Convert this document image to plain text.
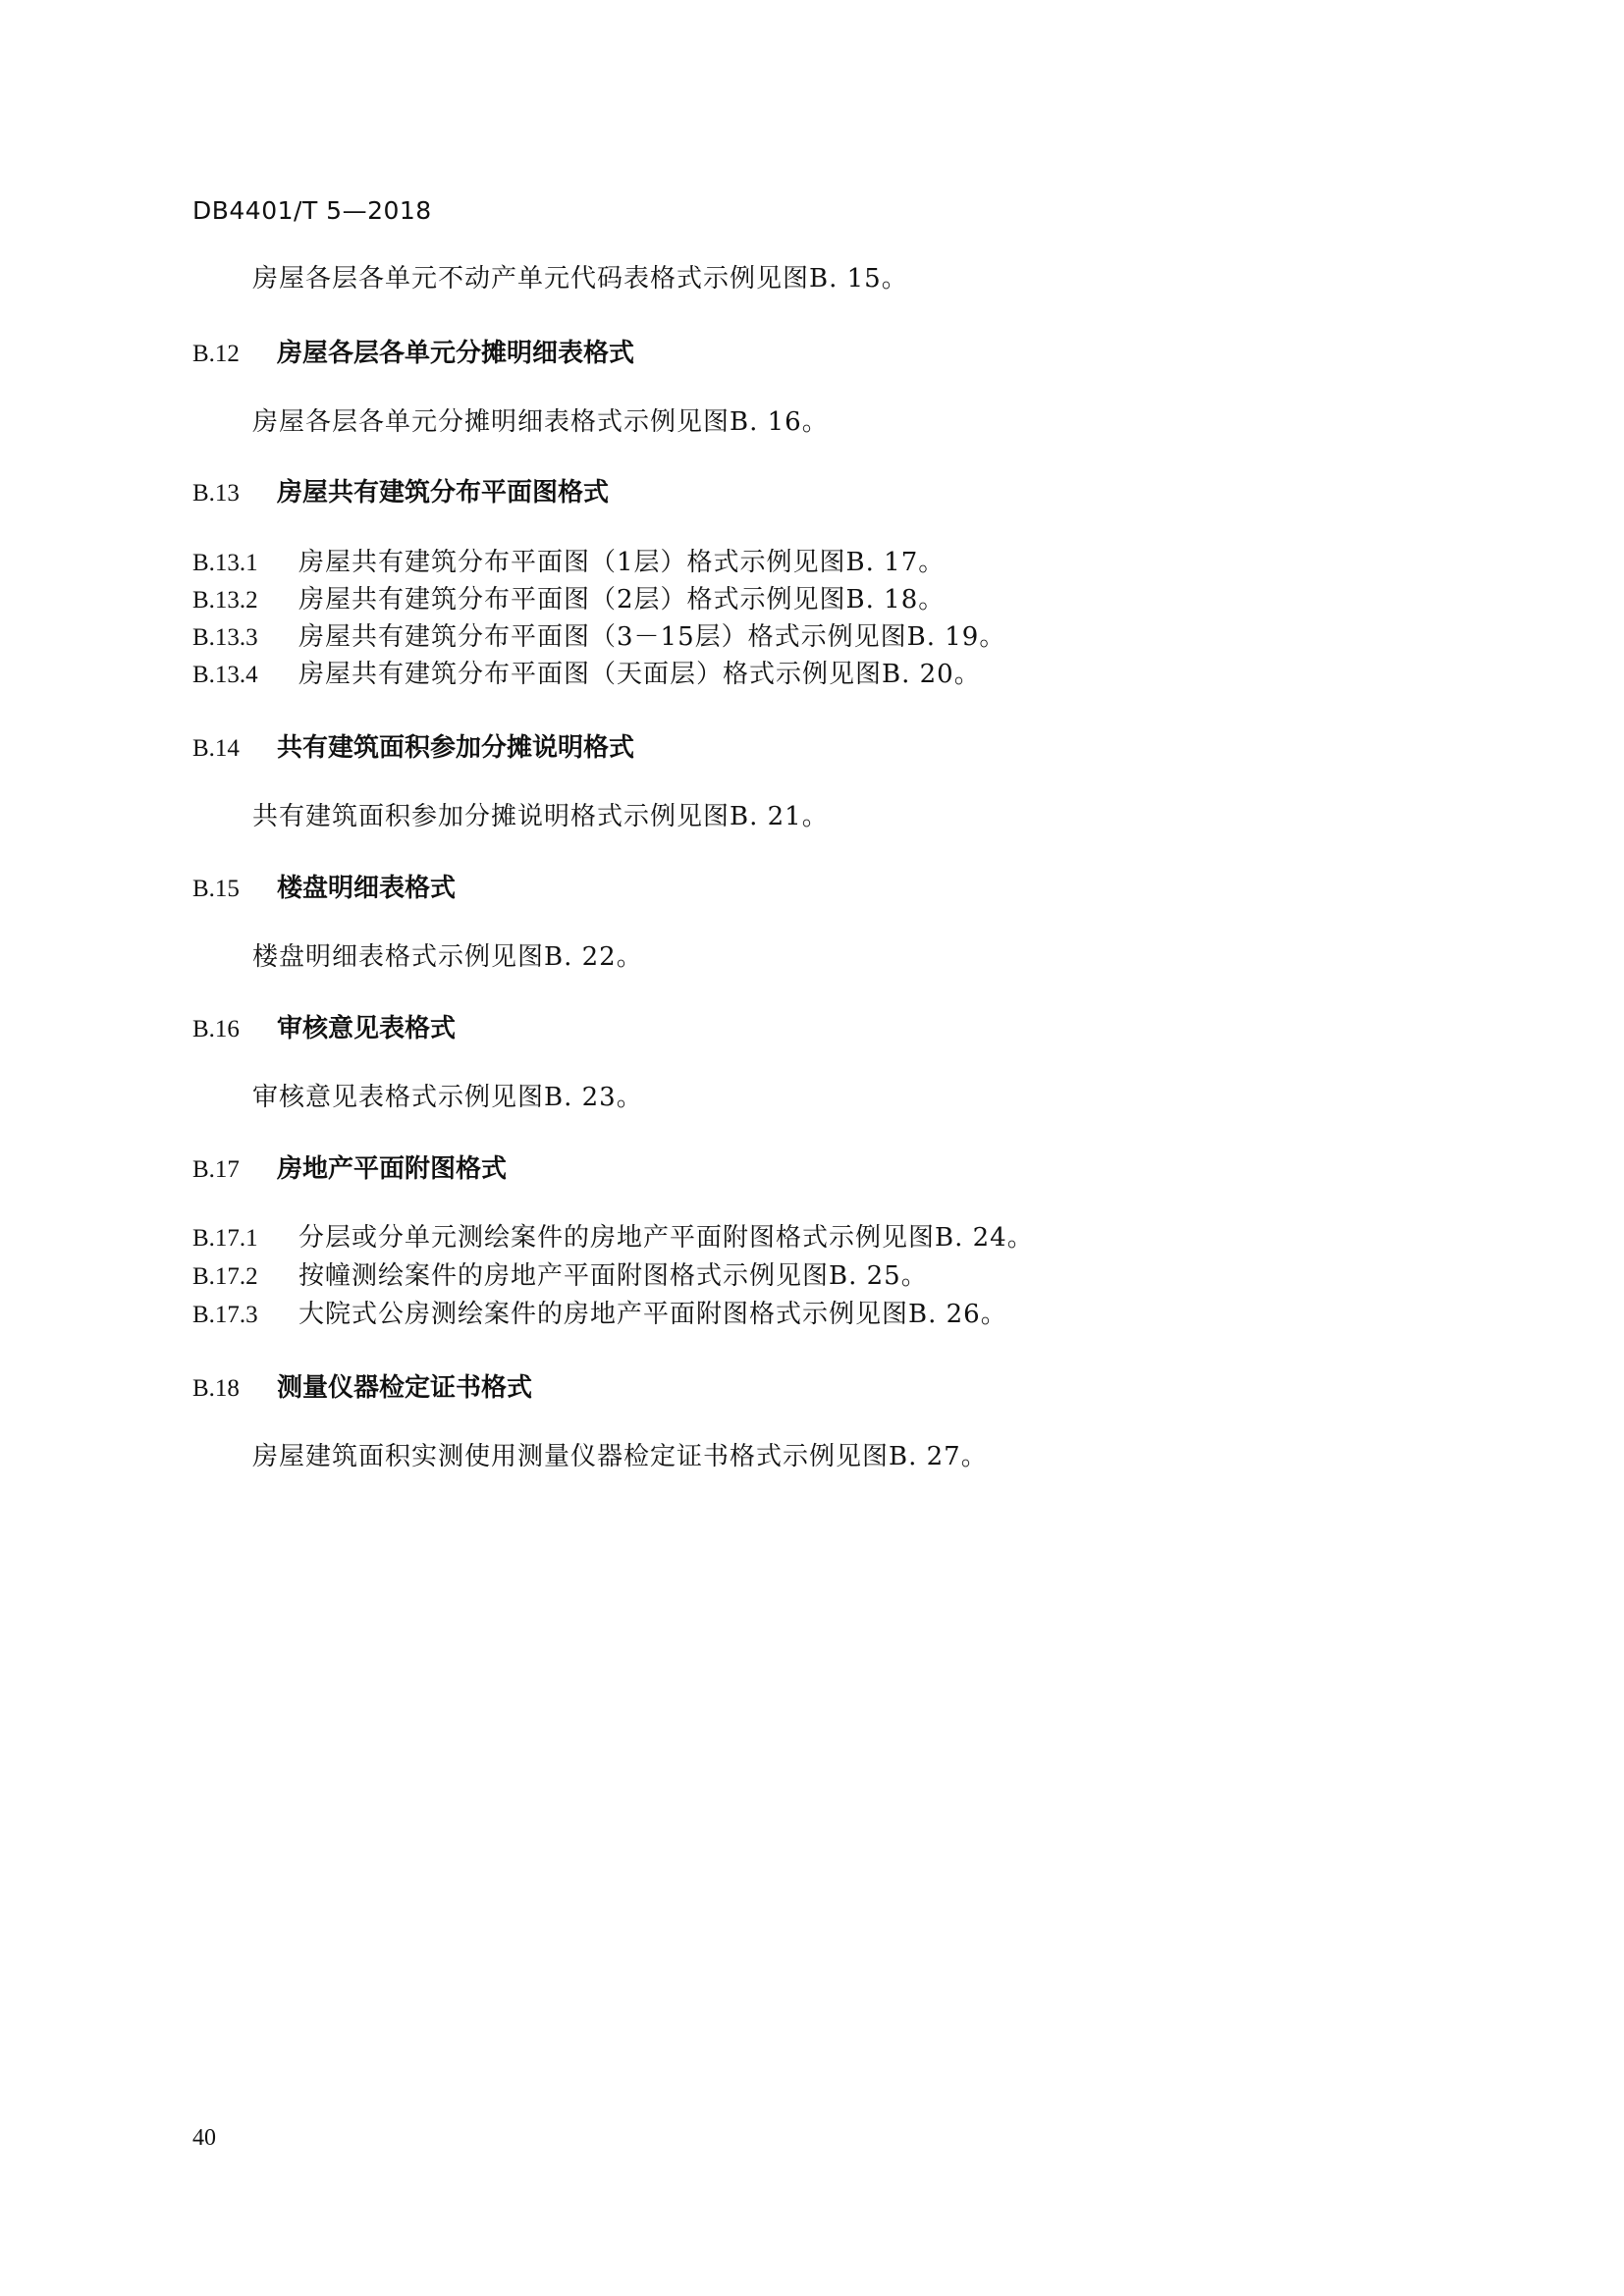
DB4401/T 5—2018
房屋各层各单元不动产单元代码表格式示例见图B. 15。
B.12 房屋各层各单元分摊明细表格式
房屋各层各单元分摊明细表格式示例见图B. 16。
B.13 房屋共有建筑分布平面图格式
B.13.1 房屋共有建筑分布平面图（1层）格式示例见图B. 17。
B.13.2 房屋共有建筑分布平面图（2层）格式示例见图B. 18。
B.13.3 房屋共有建筑分布平面图（3－15层）格式示例见图B. 19。
B.13.4 房屋共有建筑分布平面图（天面层）格式示例见图B. 20。
B.14 共有建筑面积参加分摊说明格式
共有建筑面积参加分摊说明格式示例见图B. 21。
B.15 楼盘明细表格式
楼盘明细表格式示例见图B. 22。
B.16 审核意见表格式
审核意见表格式示例见图B. 23。
B.17 房地产平面附图格式
B.17.1 分层或分单元测绘案件的房地产平面附图格式示例见图B. 24。
B.17.2 按幢测绘案件的房地产平面附图格式示例见图B. 25。
B.17.3 大院式公房测绘案件的房地产平面附图格式示例见图B. 26。
B.18 测量仪器检定证书格式
房屋建筑面积实测使用测量仪器检定证书格式示例见图B. 27。
40
